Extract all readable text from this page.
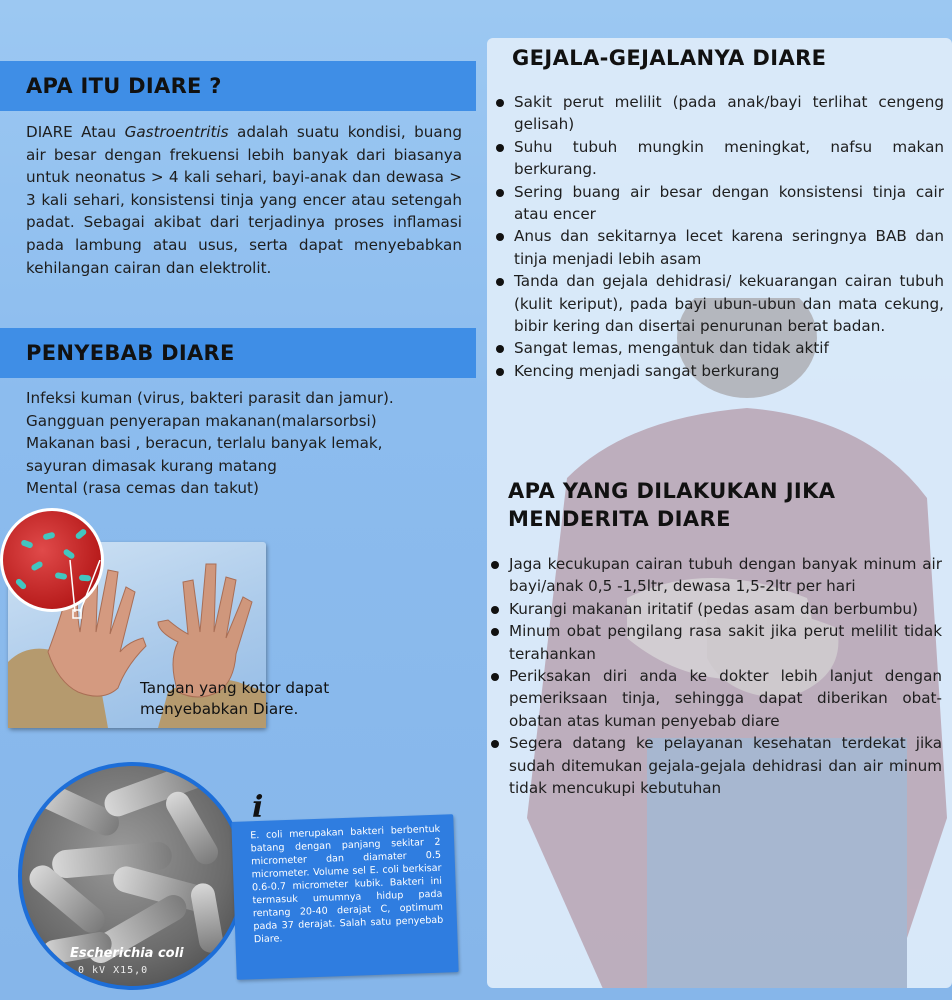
APA ITU DIARE ?

DIARE Atau Gastroentritis adalah suatu kondisi, buang air besar dengan frekuensi lebih banyak dari biasanya untuk neonatus > 4 kali sehari, bayi-anak dan dewasa > 3 kali sehari, konsistensi tinja yang encer atau setengah padat. Sebagai akibat dari terjadinya proses inflamasi pada lambung atau usus, serta dapat menyebabkan kehilangan cairan dan elektrolit.

PENYEBAB DIARE
Infeksi kuman (virus, bakteri parasit dan jamur).
Gangguan penyerapan makanan(malarsorbsi)
Makanan basi , beracun, terlalu banyak lemak,
sayuran dimasak kurang matang
Mental (rasa cemas dan takut)

Tangan yang kotor dapat menyebabkan Diare.

Escherichia coli
0 kV X15,0
i

E. coli merupakan bakteri berbentuk batang dengan panjang sekitar 2 micrometer dan diamater 0.5 micrometer. Volume sel E. coli berkisar 0.6-0.7 micrometer kubik. Bakteri ini termasuk umumnya hidup pada rentang 20-40 derajat C, optimum pada 37 derajat. Salah satu penyebab Diare.

GEJALA-GEJALANYA DIARE
Sakit perut melilit (pada anak/bayi terlihat cengeng gelisah)
Suhu tubuh mungkin meningkat, nafsu makan berkurang.
Sering buang air besar dengan konsistensi tinja cair atau encer
Anus dan sekitarnya lecet karena seringnya BAB dan tinja menjadi lebih asam
Tanda dan gejala dehidrasi/ kekuarangan cairan tubuh (kulit keriput), pada bayi ubun-ubun dan mata cekung, bibir kering dan disertai penurunan berat badan.
Sangat lemas, mengantuk dan tidak aktif
Kencing menjadi sangat berkurang
APA YANG DILAKUKAN JIKA
MENDERITA DIARE
Jaga kecukupan cairan tubuh dengan banyak minum air bayi/anak 0,5 -1,5ltr, dewasa 1,5-2ltr per hari
Kurangi makanan iritatif (pedas asam dan berbumbu)
Minum obat pengilang rasa sakit jika perut melilit tidak terahankan
Periksakan diri anda ke dokter lebih lanjut dengan pemeriksaan tinja, sehingga dapat diberikan obat-obatan atas kuman penyebab diare
Segera datang ke pelayanan kesehatan terdekat jika sudah ditemukan gejala-gejala dehidrasi dan air minum tidak mencukupi kebutuhan
